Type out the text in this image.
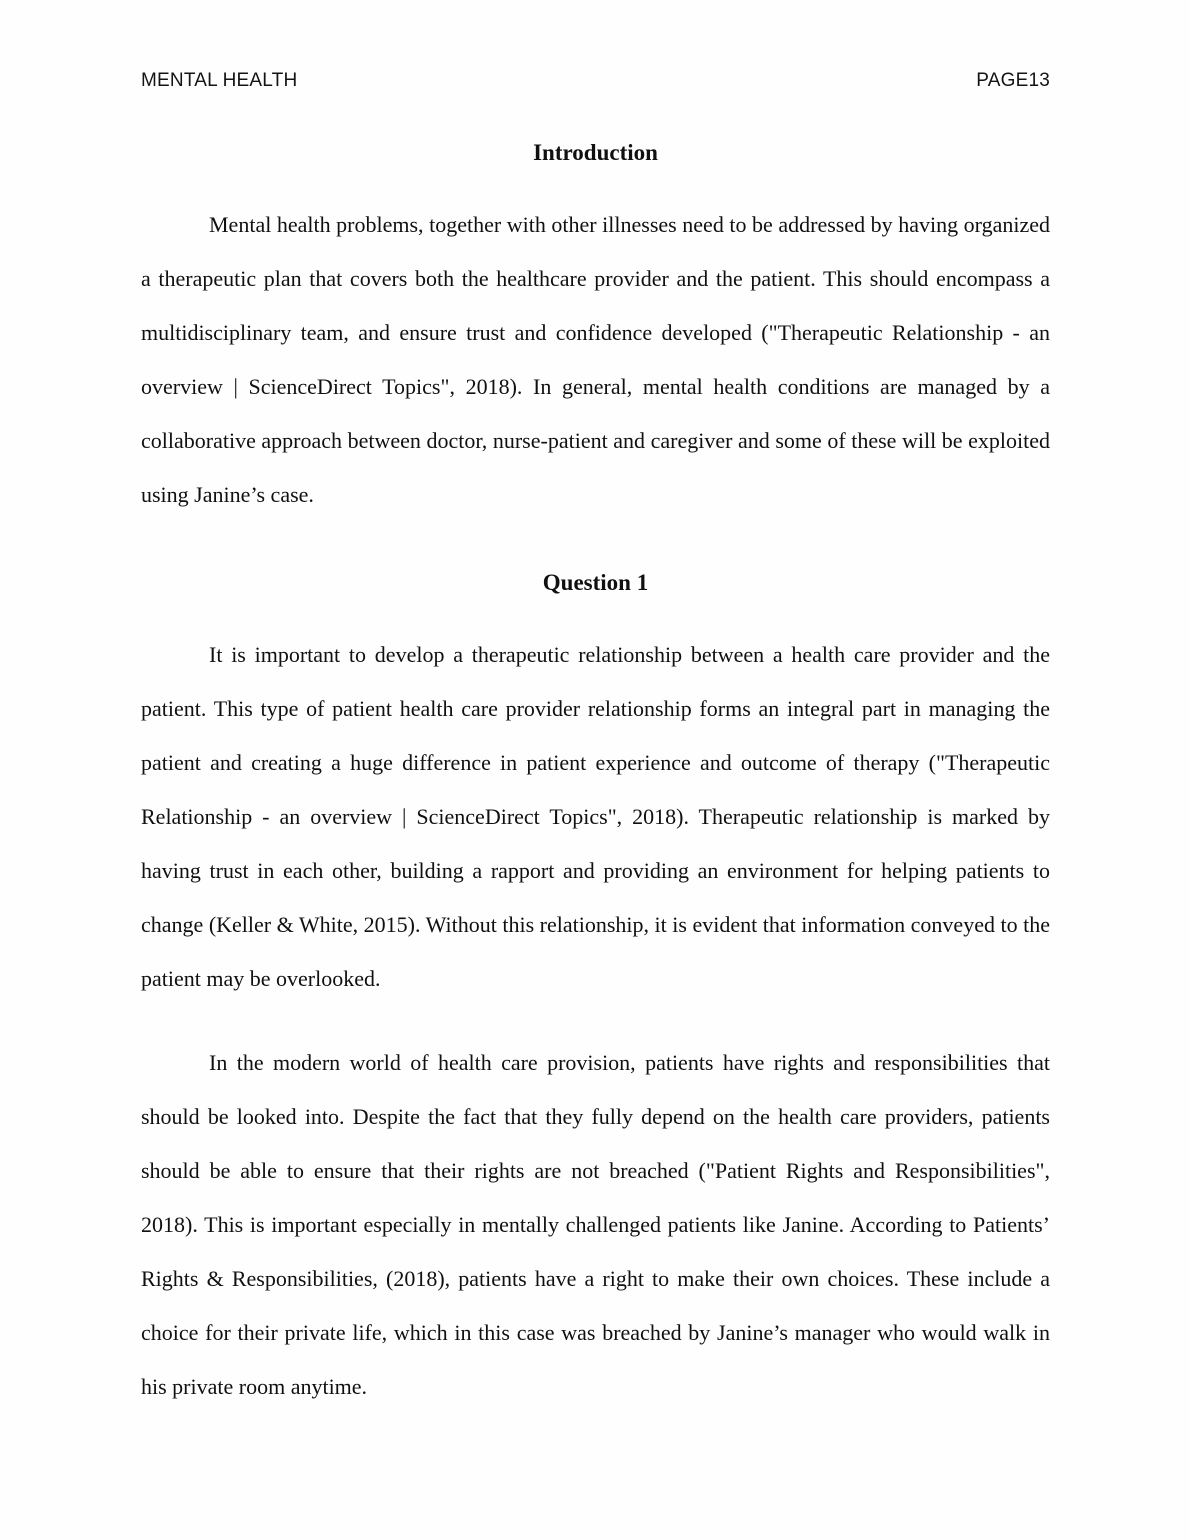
MENTAL HEALTH	PAGE13
Introduction

Mental health problems, together with other illnesses need to be addressed by having organized a therapeutic plan that covers both the healthcare provider and the patient. This should encompass a multidisciplinary team, and ensure trust and confidence developed ("Therapeutic Relationship - an overview | ScienceDirect Topics", 2018). In general, mental health conditions are managed by a collaborative approach between doctor, nurse-patient and caregiver and some of these will be exploited using Janine’s case.

Question 1

It is important to develop a therapeutic relationship between a health care provider and the patient. This type of patient health care provider relationship forms an integral part in managing the patient and creating a huge difference in patient experience and outcome of therapy ("Therapeutic Relationship - an overview | ScienceDirect Topics", 2018). Therapeutic relationship is marked by having trust in each other, building a rapport and providing an environment for helping patients to change (Keller & White, 2015). Without this relationship, it is evident that information conveyed to the patient may be overlooked.

In the modern world of health care provision, patients have rights and responsibilities that should be looked into. Despite the fact that they fully depend on the health care providers, patients should be able to ensure that their rights are not breached ("Patient Rights and Responsibilities", 2018). This is important especially in mentally challenged patients like Janine. According to Patients’ Rights & Responsibilities, (2018), patients have a right to make their own choices. These include a choice for their private life, which in this case was breached by Janine’s manager who would walk in his private room anytime.
